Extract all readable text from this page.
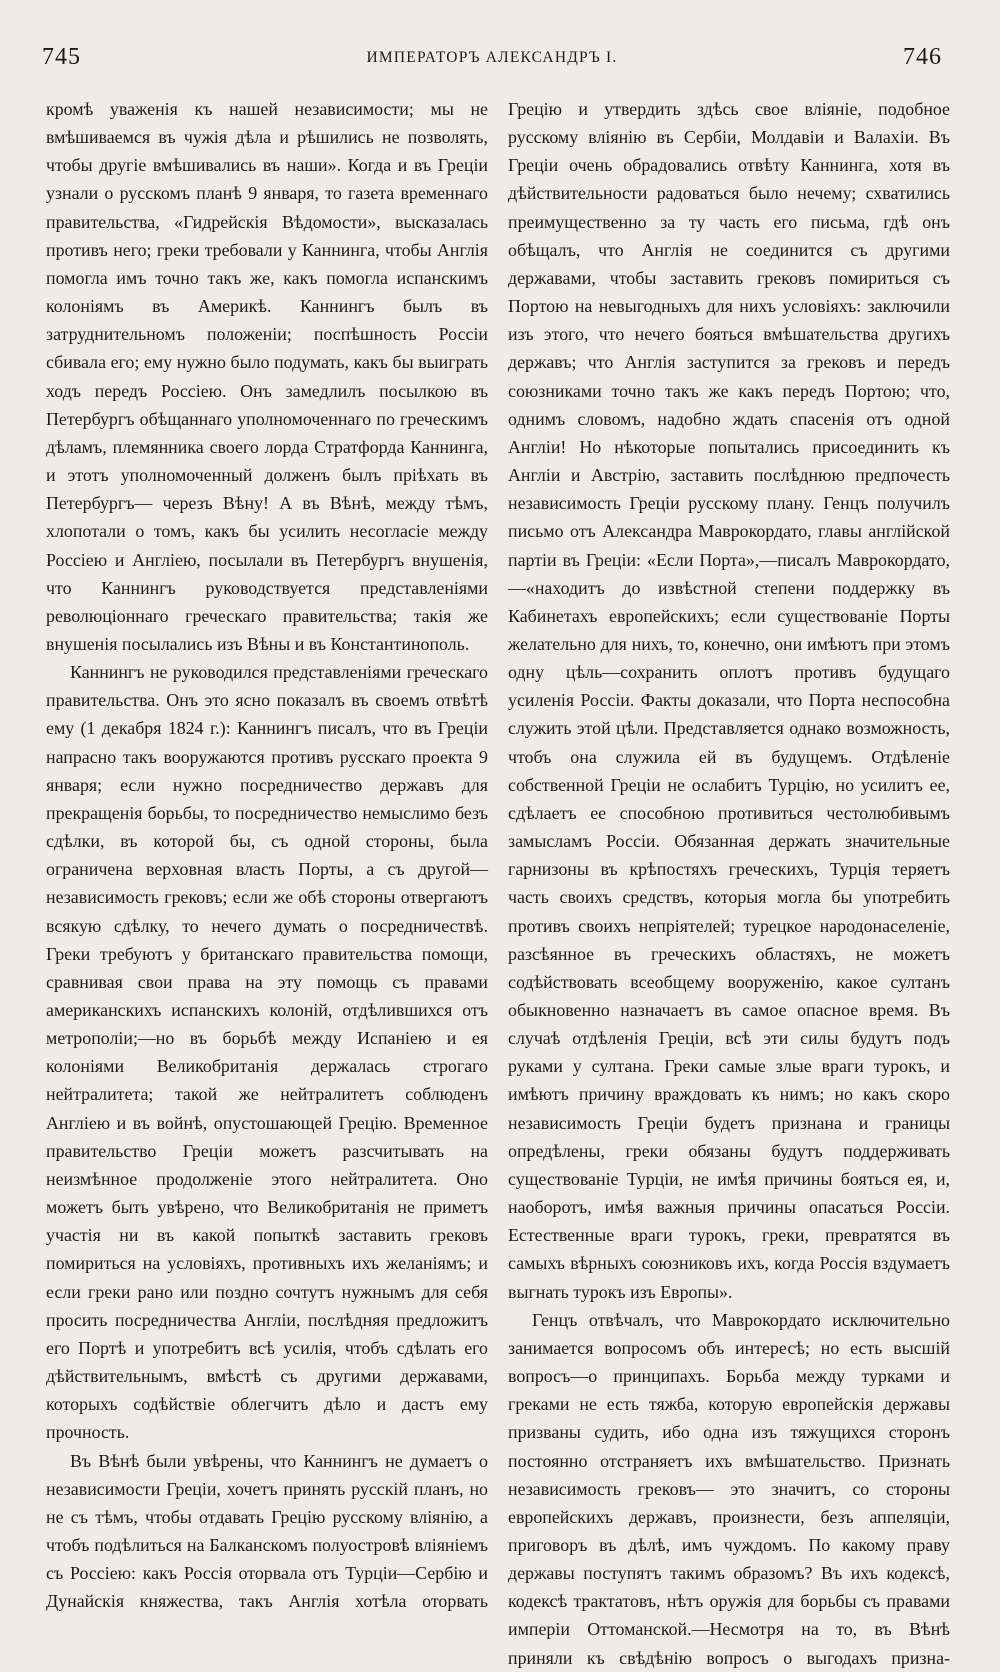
745	ИМПЕРАТОРЪ АЛЕКСАНДРЪ I.	746

кромѣ уваженія къ нашей независимости; мы не вмѣшиваемся въ чужія дѣла и рѣшились не позволять, чтобы другіе вмѣшивались въ наши». Когда и въ Греціи узнали о русскомъ планѣ 9 января, то газета временнаго правительства, «Гидрейскія Вѣдомости», высказалась противъ него; греки требовали у Каннинга, чтобы Англія помогла имъ точно такъ же, какъ помогла испанскимъ колоніямъ въ Америкѣ. Каннингъ былъ въ затруднительномъ положеніи; поспѣшность Россіи сбивала его; ему нужно было подумать, какъ бы выиграть ходъ передъ Россіею. Онъ замедлилъ посылкою въ Петербургъ обѣщаннаго уполномоченнаго по греческимъ дѣламъ, племянника своего лорда Стратфорда Каннинга, и этотъ уполномоченный долженъ былъ пріѣхать въ Петербургъ— черезъ Вѣну! А въ Вѣнѣ, между тѣмъ, хлопотали о томъ, какъ бы усилить несогласіе между Россіею и Англіею, посылали въ Петербургъ внушенія, что Каннингъ руководствуется представленіями революціоннаго греческаго правительства; такія же внушенія посылались изъ Вѣны и въ Константинополь.

Каннингъ не руководился представленіями греческаго правительства. Онъ это ясно показалъ въ своемъ отвѣтѣ ему (1 декабря 1824 г.): Каннингъ писалъ, что въ Греціи напрасно такъ вооружаются противъ русскаго проекта 9 января; если нужно посредничество державъ для прекращенія борьбы, то посредничество немыслимо безъ сдѣлки, въ которой бы, съ одной стороны, была ограничена верховная власть Порты, а съ другой—независимость грековъ; если же обѣ стороны отвергаютъ всякую сдѣлку, то нечего думать о посредничествѣ. Греки требуютъ у британскаго правительства помощи, сравнивая свои права на эту помощь съ правами американскихъ испанскихъ колоній, отдѣлившихся отъ метрополіи;—но въ борьбѣ между Испаніею и ея колоніями Великобританія держалась строгаго нейтралитета; такой же нейтралитетъ соблюденъ Англіею и въ войнѣ, опустошающей Грецію. Временное правительство Греціи можетъ разсчитывать на неизмѣнное продолженіе этого нейтралитета. Оно можетъ быть увѣрено, что Великобританія не приметъ участія ни въ какой попыткѣ заставить грековъ помириться на условіяхъ, противныхъ ихъ желаніямъ; и если греки рано или поздно сочтутъ нужнымъ для себя просить посредничества Англіи, послѣдняя предложитъ его Портѣ и употребитъ всѣ усилія, чтобъ сдѣлать его дѣйствительнымъ, вмѣстѣ съ другими державами, которыхъ содѣйствіе облегчитъ дѣло и дастъ ему прочность.

Въ Вѣнѣ были увѣрены, что Каннингъ не думаетъ о независимости Греціи, хочетъ принять русскій планъ, но не съ тѣмъ, чтобы отдавать Грецію русскому вліянію, а чтобъ подѣлиться на Балканскомъ полуостровѣ вліяніемъ съ Россіею: какъ Россія оторвала отъ Турціи—Сербію и Дунайскія княжества, такъ Англія хотѣла оторвать

Грецію и утвердить здѣсь свое вліяніе, подобное русскому вліянію въ Сербіи, Молдавіи и Валахіи. Въ Греціи очень обрадовались отвѣту Каннинга, хотя въ дѣйствительности радоваться было нечему; схватились преимущественно за ту часть его письма, гдѣ онъ обѣщалъ, что Англія не соединится съ другими державами, чтобы заставить грековъ помириться съ Портою на невыгодныхъ для нихъ условіяхъ: заключили изъ этого, что нечего бояться вмѣшательства другихъ державъ; что Англія заступится за грековъ и передъ союзниками точно такъ же какъ передъ Портою; что, однимъ словомъ, надобно ждать спасенія отъ одной Англіи! Но нѣкоторые попытались присоединить къ Англіи и Австрію, заставить послѣднюю предпочесть независимость Греціи русскому плану. Генцъ получилъ письмо отъ Александра Маврокордато, главы англійской партіи въ Греціи: «Если Порта»,—писалъ Маврокордато,—«находитъ до извѣстной степени поддержку въ Кабинетахъ европейскихъ; если существованіе Порты желательно для нихъ, то, конечно, они имѣютъ при этомъ одну цѣль—сохранить оплотъ противъ будущаго усиленія Россіи. Факты доказали, что Порта неспособна служить этой цѣли. Представляется однако возможность, чтобъ она служила ей въ будущемъ. Отдѣленіе собственной Греціи не ослабитъ Турцію, но усилитъ ее, сдѣлаетъ ее способною противиться честолюбивымъ замысламъ Россіи. Обязанная держать значительные гарнизоны въ крѣпостяхъ греческихъ, Турція теряетъ часть своихъ средствъ, которыя могла бы употребить противъ своихъ непріятелей; турецкое народонаселеніе, разсѣянное въ греческихъ областяхъ, не можетъ содѣйствовать всеобщему вооруженію, какое султанъ обыкновенно назначаетъ въ самое опасное время. Въ случаѣ отдѣленія Греціи, всѣ эти силы будутъ подъ руками у султана. Греки самые злые враги турокъ, и имѣютъ причину враждовать къ нимъ; но какъ скоро независимость Греціи будетъ признана и границы опредѣлены, греки обязаны будутъ поддерживать существованіе Турціи, не имѣя причины бояться ея, и, наоборотъ, имѣя важныя причины опасаться Россіи. Естественные враги турокъ, греки, превратятся въ самыхъ вѣрныхъ союзниковъ ихъ, когда Россія вздумаетъ выгнать турокъ изъ Европы».

Генцъ отвѣчалъ, что Маврокордато исключительно занимается вопросомъ объ интересѣ; но есть высшій вопросъ—о принципахъ. Борьба между турками и греками не есть тяжба, которую европейскія державы призваны судить, ибо одна изъ тяжущихся сторонъ постоянно отстраняетъ ихъ вмѣшательство. Признать независимость грековъ— это значитъ, со стороны европейскихъ державъ, произнести, безъ аппеляціи, приговоръ въ дѣлѣ, имъ чуждомъ. По какому праву державы поступятъ такимъ образомъ? Въ ихъ кодексѣ, кодексѣ трактатовъ, нѣтъ оружія для борьбы съ правами имперіи Оттоманской.—Несмотря на то, въ Вѣнѣ приняли къ свѣдѣнію вопросъ о выгодахъ призна-
